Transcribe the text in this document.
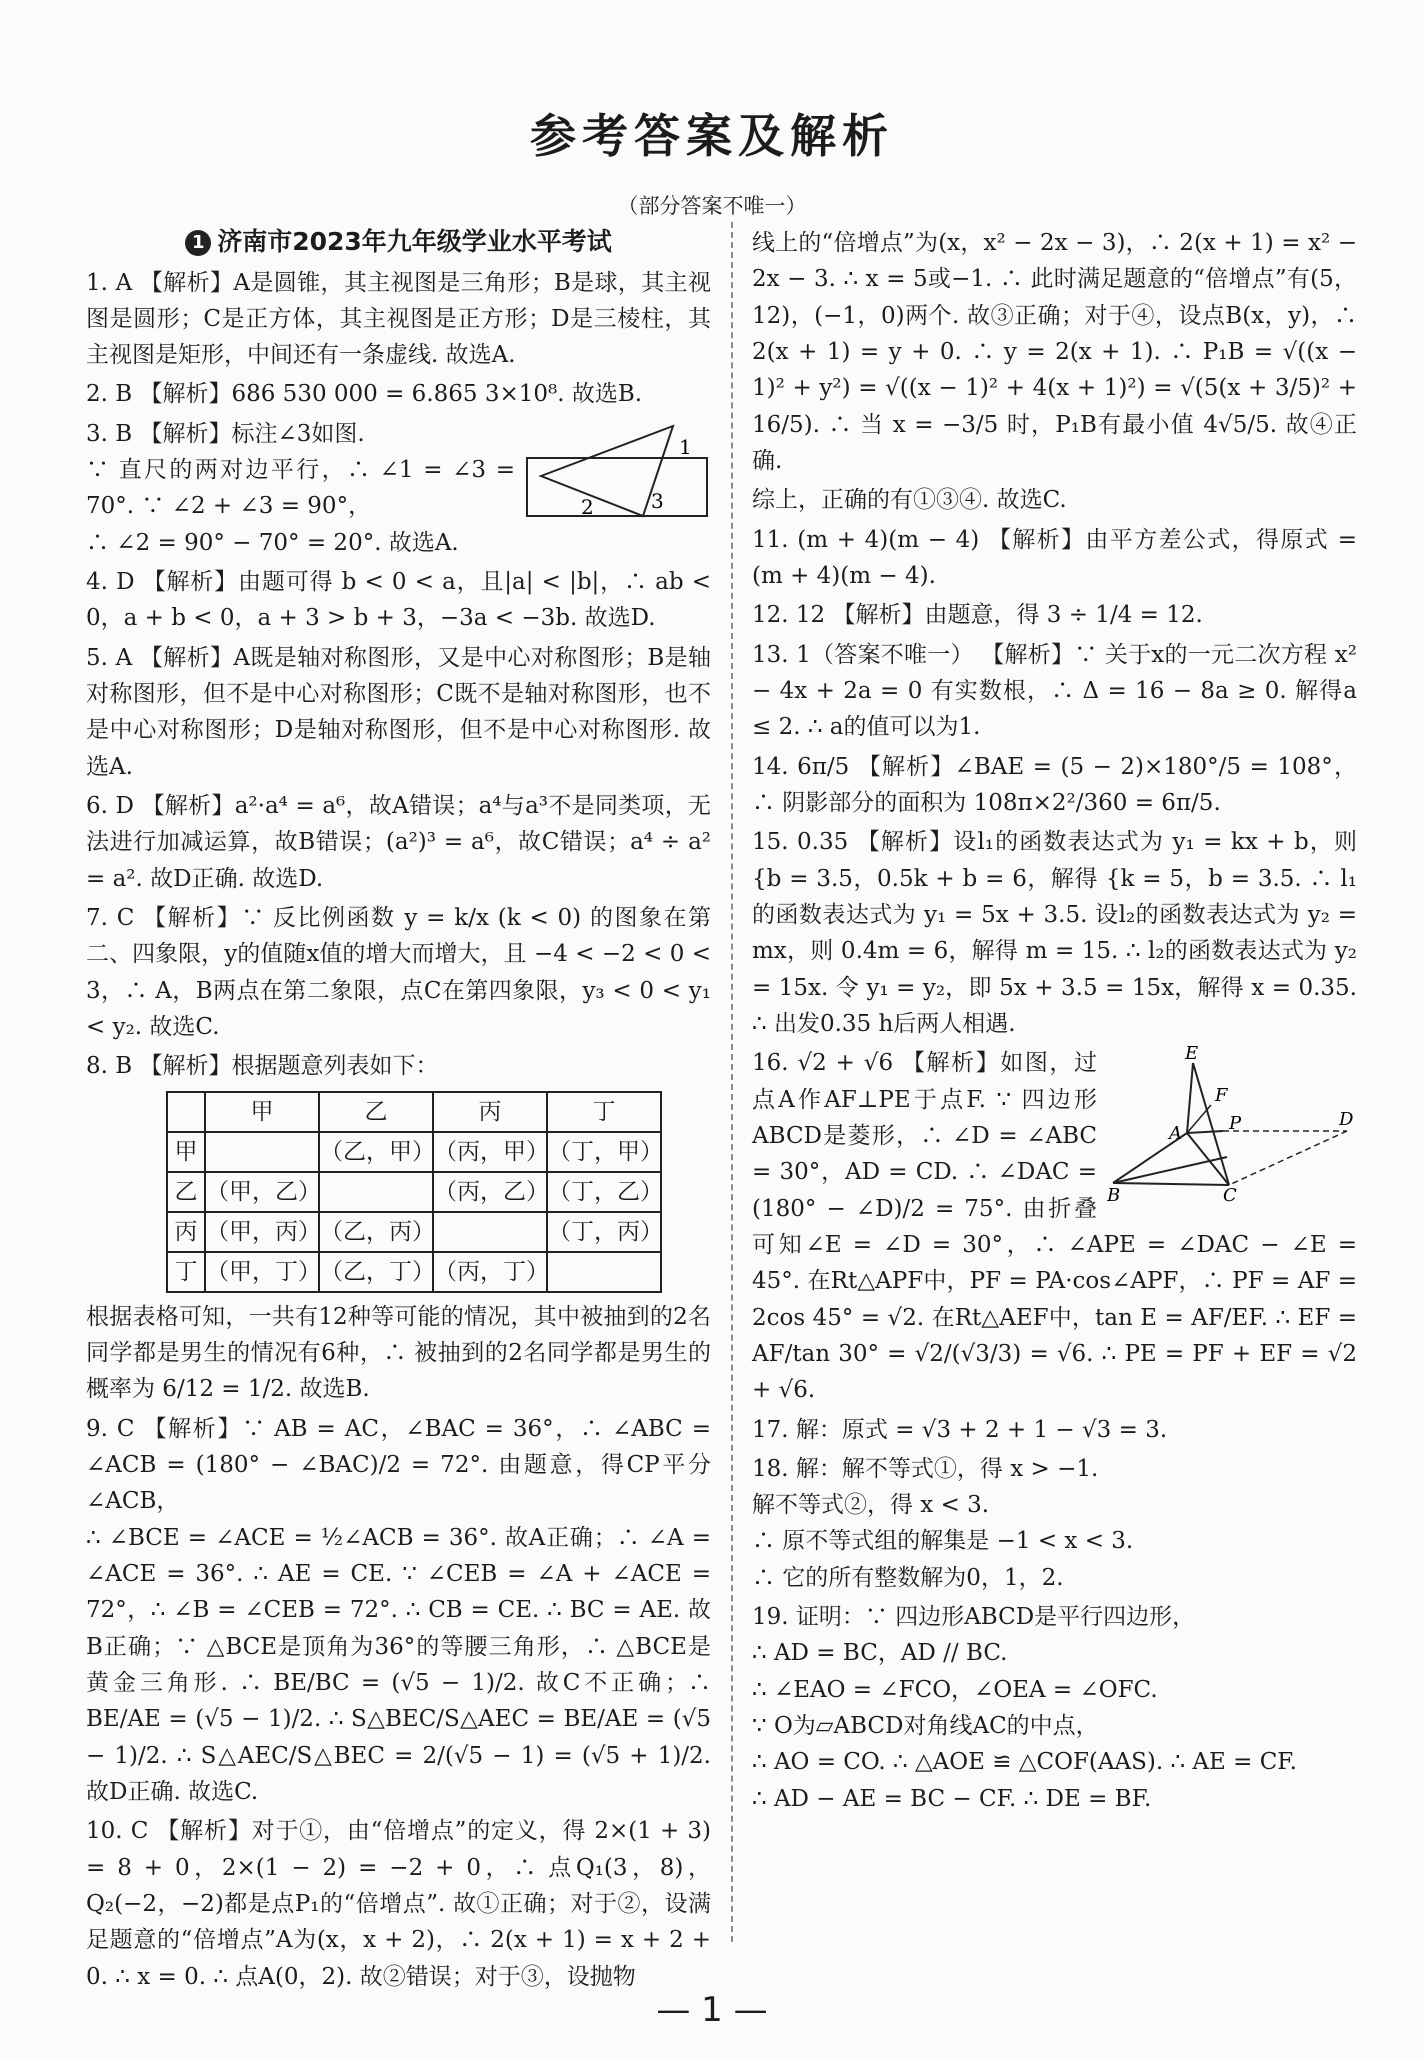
参考答案及解析
（部分答案不唯一）
1 济南市2023年九年级学业水平考试
1. A 【解析】A是圆锥，其主视图是三角形；B是球，其主视图是圆形；C是正方体，其主视图是正方形；D是三棱柱，其主视图是矩形，中间还有一条虚线. 故选A.
2. B 【解析】686 530 000 = 6.865 3×10⁸. 故选B.
1
2	3
3. B 【解析】标注∠3如图.
∵ 直尺的两对边平行，∴ ∠1 = ∠3 = 70°. ∵ ∠2 + ∠3 = 90°，
∴ ∠2 = 90° − 70° = 20°. 故选A.
4. D 【解析】由题可得 b < 0 < a，且|a| < |b|，∴ ab < 0，a + b < 0，a + 3 > b + 3，−3a < −3b. 故选D.
5. A 【解析】A既是轴对称图形，又是中心对称图形；B是轴对称图形，但不是中心对称图形；C既不是轴对称图形，也不是中心对称图形；D是轴对称图形，但不是中心对称图形. 故选A.
6. D 【解析】a²·a⁴ = a⁶，故A错误；a⁴与a³不是同类项，无法进行加减运算，故B错误；(a²)³ = a⁶，故C错误；a⁴ ÷ a² = a². 故D正确. 故选D.
7. C 【解析】∵ 反比例函数 y = k/x (k < 0) 的图象在第二、四象限，y的值随x值的增大而增大，且 −4 < −2 < 0 < 3，∴ A，B两点在第二象限，点C在第四象限，y₃ < 0 < y₁ < y₂. 故选C.
8. B 【解析】根据题意列表如下：
	甲	乙	丙	丁
甲		（乙，甲）	（丙，甲）	（丁，甲）
乙	（甲，乙）		（丙，乙）	（丁，乙）
丙	（甲，丙）	（乙，丙）		（丁，丙）
丁	（甲，丁）	（乙，丁）	（丙，丁）	
根据表格可知，一共有12种等可能的情况，其中被抽到的2名同学都是男生的情况有6种，∴ 被抽到的2名同学都是男生的概率为 6/12 = 1/2. 故选B.
9. C 【解析】∵ AB = AC，∠BAC = 36°，∴ ∠ABC = ∠ACB = (180° − ∠BAC)/2 = 72°. 由题意，得CP平分∠ACB，
∴ ∠BCE = ∠ACE = ½∠ACB = 36°. 故A正确；∴ ∠A = ∠ACE = 36°. ∴ AE = CE. ∵ ∠CEB = ∠A + ∠ACE = 72°，∴ ∠B = ∠CEB = 72°. ∴ CB = CE. ∴ BC = AE. 故B正确；∵ △BCE是顶角为36°的等腰三角形，∴ △BCE是黄金三角形. ∴ BE/BC = (√5 − 1)/2. 故C不正确；∴ BE/AE = (√5 − 1)/2. ∴ S△BEC/S△AEC = BE/AE = (√5 − 1)/2. ∴ S△AEC/S△BEC = 2/(√5 − 1) = (√5 + 1)/2. 故D正确. 故选C.
10. C 【解析】对于①，由“倍增点”的定义，得 2×(1 + 3) = 8 + 0，2×(1 − 2) = −2 + 0，∴ 点Q₁(3，8)，Q₂(−2，−2)都是点P₁的“倍增点”. 故①正确；对于②，设满足题意的“倍增点”A为(x，x + 2)，∴ 2(x + 1) = x + 2 + 0. ∴ x = 0. ∴ 点A(0，2). 故②错误；对于③，设抛物
线上的“倍增点”为(x，x² − 2x − 3)，∴ 2(x + 1) = x² − 2x − 3. ∴ x = 5或−1. ∴ 此时满足题意的“倍增点”有(5，12)，(−1，0)两个. 故③正确；对于④，设点B(x，y)，∴ 2(x + 1) = y + 0. ∴ y = 2(x + 1). ∴ P₁B = √((x − 1)² + y²) = √((x − 1)² + 4(x + 1)²) = √(5(x + 3/5)² + 16/5). ∴ 当 x = −3/5 时，P₁B有最小值 4√5/5. 故④正确.
综上，正确的有①③④. 故选C.
11. (m + 4)(m − 4) 【解析】由平方差公式，得原式 = (m + 4)(m − 4).
12. 12 【解析】由题意，得 3 ÷ 1/4 = 12.
13. 1（答案不唯一） 【解析】∵ 关于x的一元二次方程 x² − 4x + 2a = 0 有实数根，∴ Δ = 16 − 8a ≥ 0. 解得a ≤ 2. ∴ a的值可以为1.
14. 6π/5 【解析】∠BAE = (5 − 2)×180°/5 = 108°，∴ 阴影部分的面积为 108π×2²/360 = 6π/5.
15. 0.35 【解析】设l₁的函数表达式为 y₁ = kx + b，则 {b = 3.5，0.5k + b = 6，解得 {k = 5，b = 3.5. ∴ l₁的函数表达式为 y₁ = 5x + 3.5. 设l₂的函数表达式为 y₂ = mx，则 0.4m = 6，解得 m = 15. ∴ l₂的函数表达式为 y₂ = 15x. 令 y₁ = y₂，即 5x + 3.5 = 15x，解得 x = 0.35. ∴ 出发0.35 h后两人相遇.
E
F
A	P	D
B	C
16. √2 + √6 【解析】如图，过点A作AF⊥PE于点F. ∵ 四边形ABCD是菱形，∴ ∠D = ∠ABC = 30°，AD = CD. ∴ ∠DAC = (180° − ∠D)/2 = 75°. 由折叠可知∠E = ∠D = 30°，∴ ∠APE = ∠DAC − ∠E = 45°. 在Rt△APF中，PF = PA·cos∠APF，∴ PF = AF = 2cos 45° = √2. 在Rt△AEF中，tan E = AF/EF. ∴ EF = AF/tan 30° = √2/(√3/3) = √6. ∴ PE = PF + EF = √2 + √6.
17. 解：原式 = √3 + 2 + 1 − √3 = 3.
18. 解：解不等式①，得 x > −1.
解不等式②，得 x < 3.
∴ 原不等式组的解集是 −1 < x < 3.
∴ 它的所有整数解为0，1，2.
19. 证明：∵ 四边形ABCD是平行四边形，
∴ AD = BC，AD // BC.
∴ ∠EAO = ∠FCO，∠OEA = ∠OFC.
∵ O为▱ABCD对角线AC的中点，
∴ AO = CO. ∴ △AOE ≌ △COF(AAS). ∴ AE = CF.
∴ AD − AE = BC − CF. ∴ DE = BF.
— 1 —
